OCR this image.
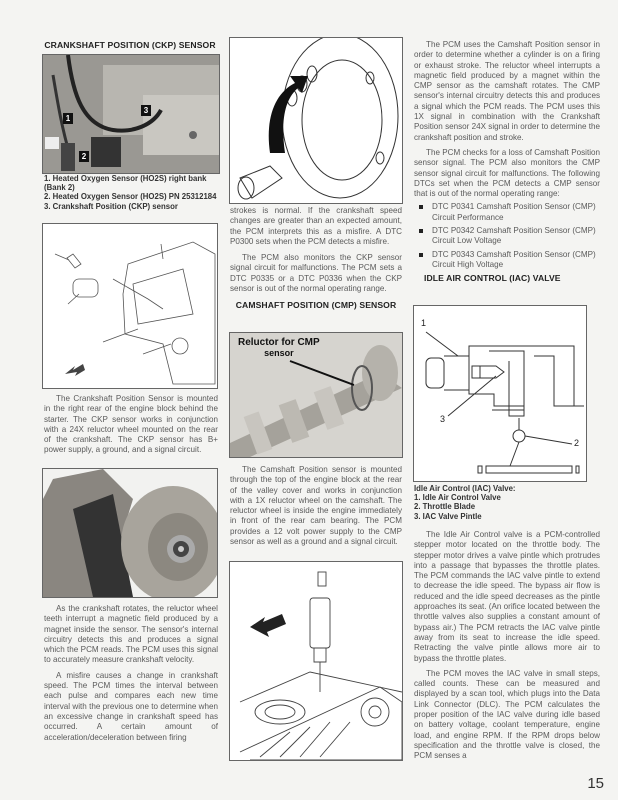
CRANKSHAFT POSITION (CKP) SENSOR

1
2
3
1. Heated Oxygen Sensor (HO2S) right bank (Bank 2)
2. Heated Oxygen Sensor (HO2S) PN 25312184
3. Crankshaft Position (CKP) sensor

The Crankshaft Position Sensor is mounted in the right rear of the engine block behind the starter. The CKP sensor works in conjunction with a 24X reluctor wheel mounted on the rear of the crankshaft. The CKP sensor has B+ power supply, a ground, and a signal circuit.

As the crankshaft rotates, the reluctor wheel teeth interrupt a magnetic field produced by a magnet inside the sensor. The sensor's internal circuitry detects this and produces a signal which the PCM reads. The PCM uses this signal to accurately measure crankshaft velocity.

A misfire causes a change in crankshaft speed. The PCM times the interval between each pulse and compares each new time interval with the previous one to determine when an excessive change in crankshaft speed has occurred. A certain amount of acceleration/deceleration between firing

strokes is normal. If the crankshaft speed changes are greater than an expected amount, the PCM interprets this as a misfire. A DTC P0300 sets when the PCM detects a misfire.

The PCM also monitors the CKP sensor signal circuit for malfunctions. The PCM sets a DTC P0335 or a DTC P0336 when the CKP sensor is out of the normal operating range.

CAMSHAFT POSITION (CMP) SENSOR

Reluctor for CMP
sensor

The Camshaft Position sensor is mounted through the top of the engine block at the rear of the valley cover and works in conjunction with a 1X reluctor wheel on the camshaft. The reluctor wheel is inside the engine immediately in front of the rear cam bearing. The PCM provides a 12 volt power supply to the CMP sensor as well as a ground and a signal circuit.

The PCM uses the Camshaft Position sensor in order to determine whether a cylinder is on a firing or exhaust stroke. The reluctor wheel interrupts a magnetic field produced by a magnet within the CMP sensor as the camshaft rotates. The CMP sensor's internal circuitry detects this and produces a signal which the PCM reads. The PCM uses this 1X signal in combination with the Crankshaft Position sensor 24X signal in order to determine the crankshaft position and stroke.

The PCM checks for a loss of Camshaft Position sensor signal. The PCM also monitors the CMP sensor signal circuit for malfunctions. The following DTCs set when the PCM detects a CMP sensor that is out of the normal operating range:

DTC P0341 Camshaft Position Sensor (CMP) Circuit Performance
DTC P0342 Camshaft Position Sensor (CMP) Circuit Low Voltage
DTC P0343 Camshaft Position Sensor (CMP) Circuit High Voltage

IDLE AIR CONTROL (IAC) VALVE

1
2
3
Idle Air Control (IAC) Valve:
1. Idle Air Control Valve
2. Throttle Blade
3. IAC Valve Pintle

The Idle Air Control valve is a PCM-controlled stepper motor located on the throttle body. The stepper motor drives a valve pintle which protrudes into a passage that bypasses the throttle plates. The PCM commands the IAC valve pintle to extend to decrease the idle speed. The bypass air flow is reduced and the idle speed decreases as the pintle approaches its seat. (An orifice located between the throttle valves also supplies a constant amount of bypass air.) The PCM retracts the IAC valve pintle away from its seat to increase the idle speed. Retracting the valve pintle allows more air to bypass the throttle plates.

The PCM moves the IAC valve in small steps, called counts. These can be measured and displayed by a scan tool, which plugs into the Data Link Connector (DLC). The PCM calculates the proper position of the IAC valve during idle based on battery voltage, coolant temperature, engine load, and engine RPM. If the RPM drops below specification and the throttle valve is closed, the PCM senses a

15
